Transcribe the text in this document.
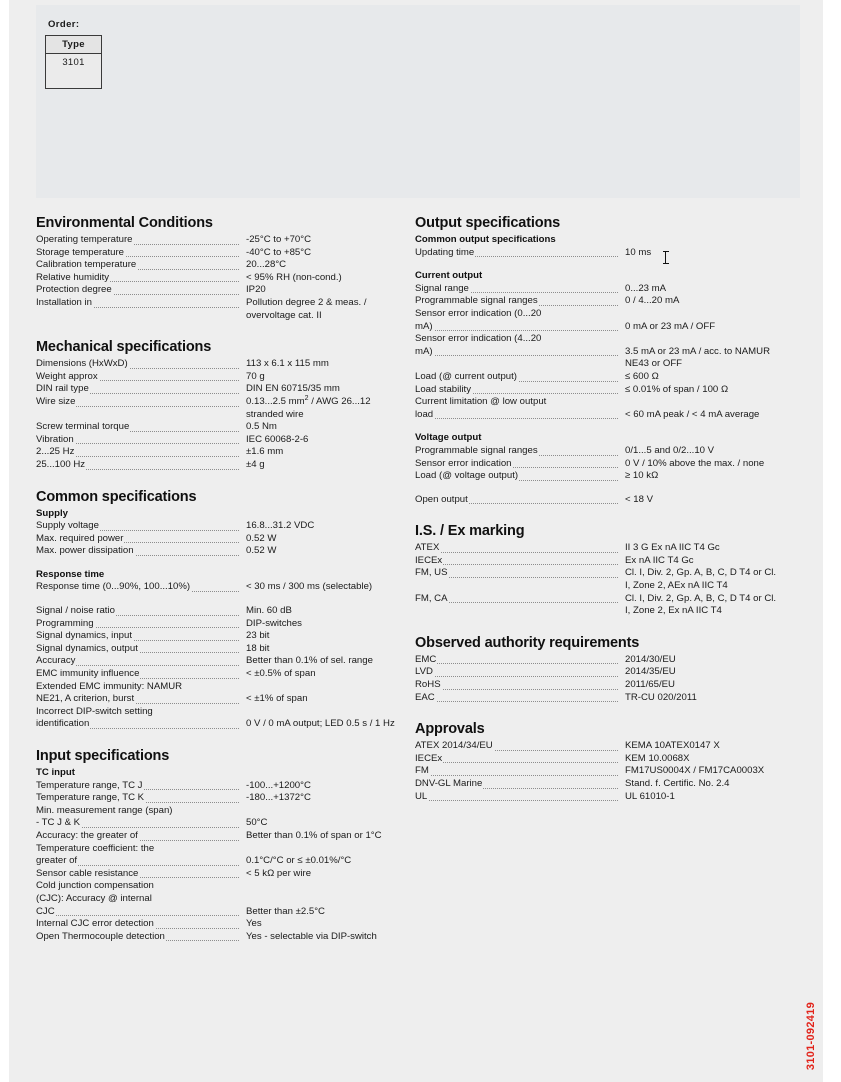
Order:
Type
3101
Environmental Conditions
Operating temperature	-25°C to +70°C
Storage temperature	-40°C to +85°C
Calibration temperature	20...28°C
Relative humidity	< 95% RH (non-cond.)
Protection degree	IP20
Installation in	Pollution degree 2 & meas. / overvoltage cat. II
Mechanical specifications
Dimensions (HxWxD)	113 x 6.1 x 115 mm
Weight approx	70 g
DIN rail type	DIN EN 60715/35 mm
Wire size	0.13...2.5 $mm^2$ / AWG 26...12 stranded wire
Screw terminal torque	0.5 Nm
Vibration	IEC 60068-2-6
2...25 Hz	±1.6 mm
25...100 Hz	±4 g
Common specifications
Supply
Supply voltage	16.8...31.2 VDC
Max. required power	0.52 W
Max. power dissipation	0.52 W
Response time
Response time (0...90%, 100...10%)	< 30 ms / 300 ms (selectable)
Signal / noise ratio	Min. 60 dB
Programming	DIP-switches
Signal dynamics, input	23 bit
Signal dynamics, output	18 bit
Accuracy	Better than 0.1% of sel. range
EMC immunity influence	< ±0.5% of span
Extended EMC immunity: NAMUR
NE21, A criterion, burst	< ±1% of span
Incorrect DIP-switch setting
identification	0 V / 0 mA output; LED 0.5 s / 1 Hz
Input specifications
TC input
Temperature range, TC J	-100...+1200°C
Temperature range, TC K	-180...+1372°C
Min. measurement range (span)
- TC J & K	50°C
Accuracy: the greater of	Better than 0.1% of span or 1°C
Temperature coefficient: the
greater of	0.1°C/°C or ≤ ±0.01%/°C
Sensor cable resistance	< 5 kΩ per wire
Cold junction compensation
(CJC): Accuracy @ internal
CJC	Better than ±2.5°C
Internal CJC error detection	Yes
Open Thermocouple detection	Yes - selectable via DIP-switch
Output specifications
Common output specifications
Updating time	10 ms
Current output
Signal range	0...23 mA
Programmable signal ranges	0 / 4...20 mA
Sensor error indication (0...20
mA)	0 mA or 23 mA / OFF
Sensor error indication (4...20
mA)	3.5 mA or 23 mA / acc. to NAMUR NE43 or OFF
Load (@ current output)	≤ 600 Ω
Load stability	≤ 0.01% of span / 100 Ω
Current limitation @ low output
load	< 60 mA peak / < 4 mA average
Voltage output
Programmable signal ranges	0/1...5 and 0/2...10 V
Sensor error indication	0 V / 10% above the max. / none
Load (@ voltage output)	≥ 10 kΩ
Open output	< 18 V
I.S. / Ex marking
ATEX	II 3 G Ex nA IIC T4 Gc
IECEx	Ex nA IIC T4 Gc
FM, US	Cl. I, Div. 2, Gp. A, B, C, D T4 or Cl. I, Zone 2, AEx nA IIC T4
FM, CA	Cl. I, Div. 2, Gp. A, B, C, D T4 or Cl. I, Zone 2, Ex nA IIC T4
Observed authority requirements
EMC	2014/30/EU
LVD	2014/35/EU
RoHS	2011/65/EU
EAC	TR-CU 020/2011
Approvals
ATEX 2014/34/EU	KEMA 10ATEX0147 X
IECEx	KEM 10.0068X
FM	FM17US0004X / FM17CA0003X
DNV-GL Marine	Stand. f. Certific. No. 2.4
UL	UL 61010-1
3101-092419
